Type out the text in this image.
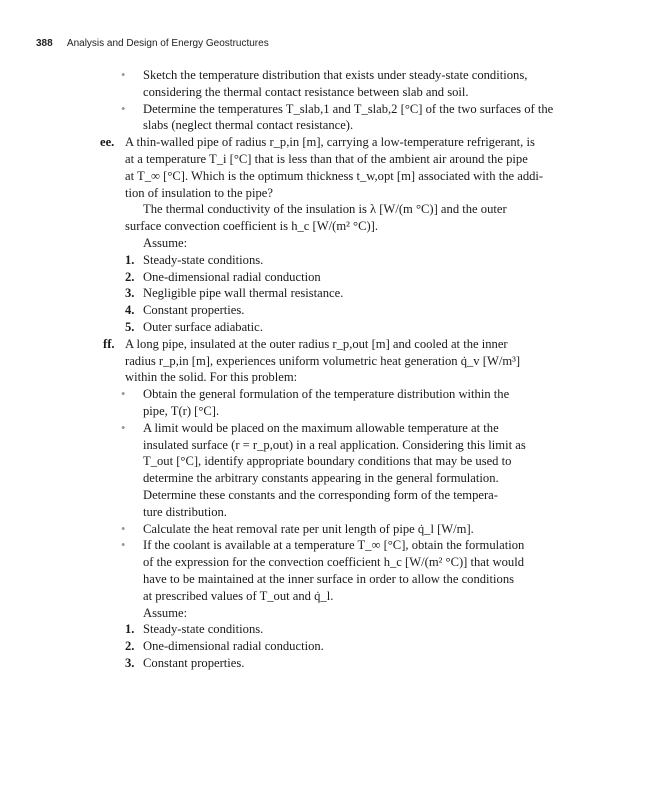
388 Analysis and Design of Energy Geostructures
• Sketch the temperature distribution that exists under steady-state conditions,
considering the thermal contact resistance between slab and soil.
• Determine the temperatures T_slab,1 and T_slab,2 [°C] of the two surfaces of the
slabs (neglect thermal contact resistance).
ee. A thin-walled pipe of radius r_p,in [m], carrying a low-temperature refrigerant, is
at a temperature T_i [°C] that is less than that of the ambient air around the pipe
at T_∞ [°C]. Which is the optimum thickness t_w,opt [m] associated with the addi-
tion of insulation to the pipe?
The thermal conductivity of the insulation is λ [W/(m °C)] and the outer
surface convection coefficient is h_c [W/(m² °C)].
Assume:
1. Steady-state conditions.
2. One-dimensional radial conduction
3. Negligible pipe wall thermal resistance.
4. Constant properties.
5. Outer surface adiabatic.
ff. A long pipe, insulated at the outer radius r_p,out [m] and cooled at the inner
radius r_p,in [m], experiences uniform volumetric heat generation q̇_v [W/m³]
within the solid. For this problem:
• Obtain the general formulation of the temperature distribution within the
pipe, T(r) [°C].
• A limit would be placed on the maximum allowable temperature at the
insulated surface (r = r_p,out) in a real application. Considering this limit as
T_out [°C], identify appropriate boundary conditions that may be used to
determine the arbitrary constants appearing in the general formulation.
Determine these constants and the corresponding form of the tempera-
ture distribution.
• Calculate the heat removal rate per unit length of pipe q̇_l [W/m].
• If the coolant is available at a temperature T_∞ [°C], obtain the formulation
of the expression for the convection coefficient h_c [W/(m² °C)] that would
have to be maintained at the inner surface in order to allow the conditions
at prescribed values of T_out and q̇_l.
Assume:
1. Steady-state conditions.
2. One-dimensional radial conduction.
3. Constant properties.
